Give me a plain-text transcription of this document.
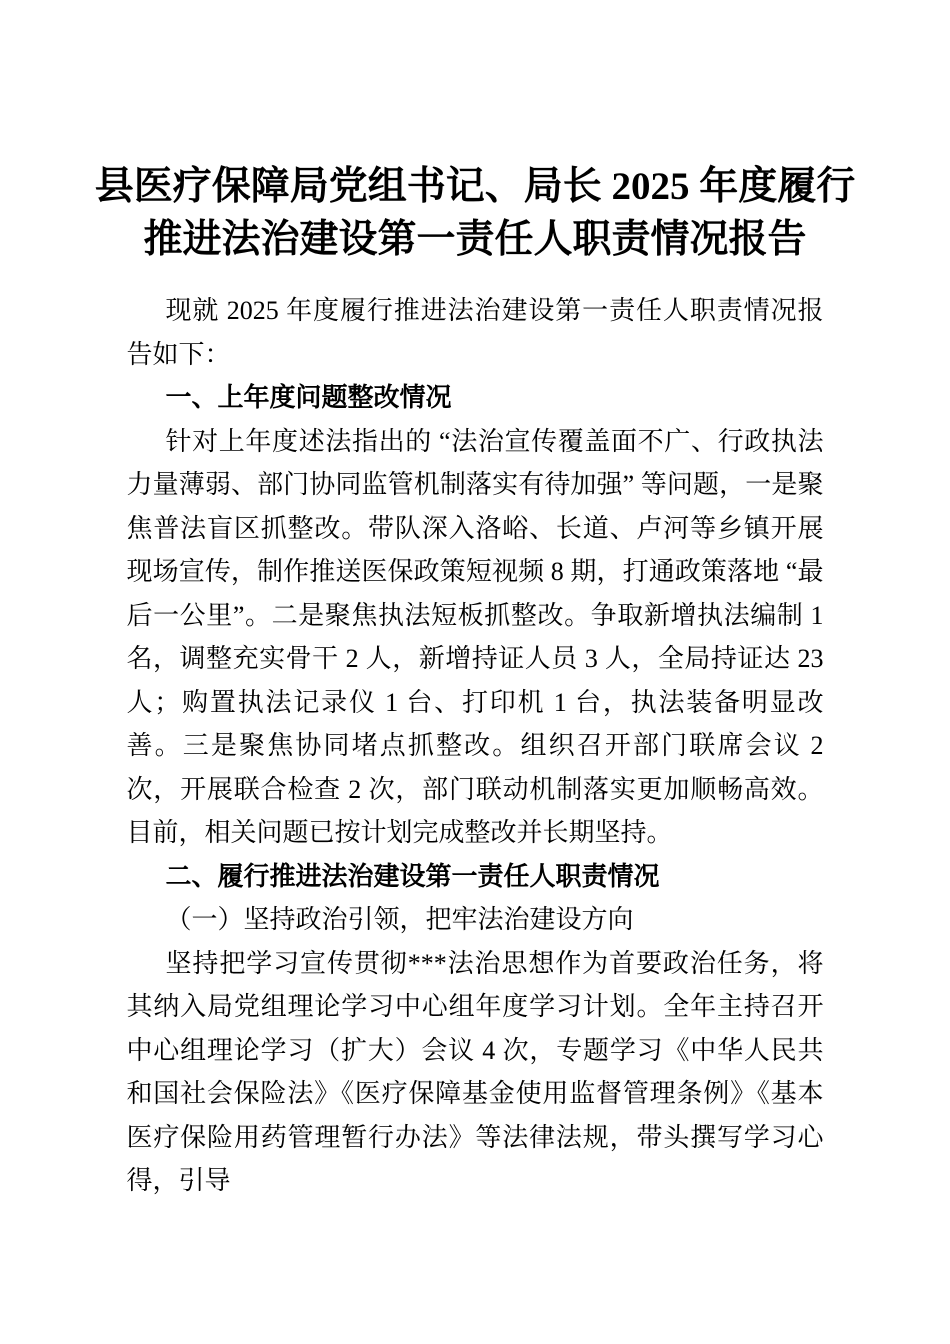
县医疗保障局党组书记、局长 2025 年度履行
推进法治建设第一责任人职责情况报告

现就 2025 年度履行推进法治建设第一责任人职责情况报告如下：

一、上年度问题整改情况

针对上年度述法指出的 “法治宣传覆盖面不广、行政执法力量薄弱、部门协同监管机制落实有待加强” 等问题，一是聚焦普法盲区抓整改。带队深入洛峪、长道、卢河等乡镇开展现场宣传，制作推送医保政策短视频 8 期，打通政策落地 “最后一公里”。二是聚焦执法短板抓整改。争取新增执法编制 1 名，调整充实骨干 2 人，新增持证人员 3 人，全局持证达 23 人；购置执法记录仪 1 台、打印机 1 台，执法装备明显改善。三是聚焦协同堵点抓整改。组织召开部门联席会议 2 次，开展联合检查 2 次，部门联动机制落实更加顺畅高效。目前，相关问题已按计划完成整改并长期坚持。

二、履行推进法治建设第一责任人职责情况

（一）坚持政治引领，把牢法治建设方向

坚持把学习宣传贯彻***法治思想作为首要政治任务，将其纳入局党组理论学习中心组年度学习计划。全年主持召开中心组理论学习（扩大）会议 4 次，专题学习《中华人民共和国社会保险法》《医疗保障基金使用监督管理条例》《基本医疗保险用药管理暂行办法》等法律法规，带头撰写学习心得，引导
